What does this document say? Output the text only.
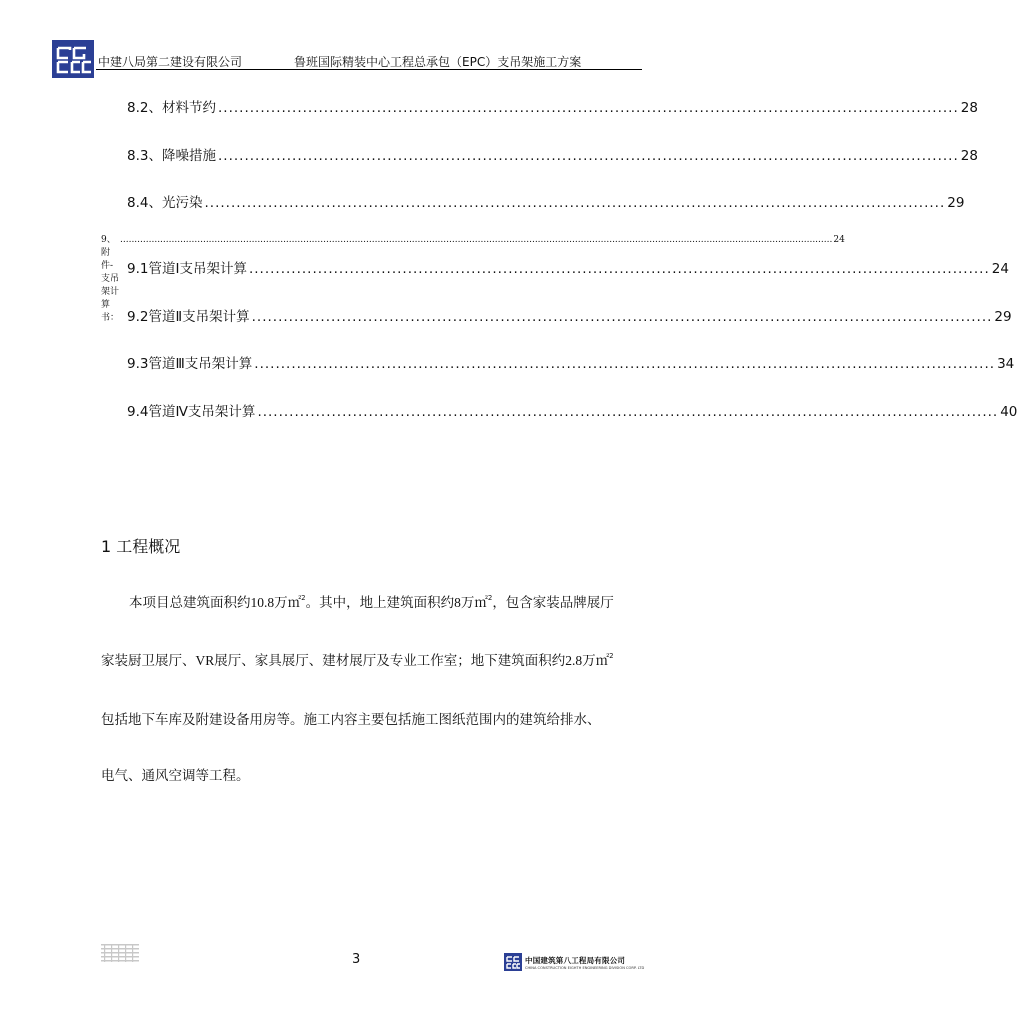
中建八局第二建设有限公司	鲁班国际精装中心工程总承包（EPC）支吊架施工方案
8.2、材料节约 ............................................................................................................................................ 28
8.3、降噪措施 ............................................................................................................................................ 28
8.4、光污染 ............................................................................................................................................ 29
9、附件-支吊架计算书：
......................................................................................................................................................................................................................................................... 24
9.1管道Ⅰ支吊架计算 ............................................................................................................................................ 24
9.2管道Ⅱ支吊架计算 ............................................................................................................................................ 29
9.3管道Ⅲ支吊架计算 ............................................................................................................................................ 34
9.4管道Ⅳ支吊架计算 ............................................................................................................................................ 40
1 工程概况
本项目总建筑面积约10.8万㎡$^2$。其中，地上建筑面积约8万㎡$^2$，包含家装品牌展厅
家装厨卫展厅、VR展厅、家具展厅、建材展厅及专业工作室；地下建筑面积约2.8万㎡$^2$
包括地下车库及附建设备用房等。施工内容主要包括施工图纸范围内的建筑给排水、
电气、通风空调等工程。
3	中国建筑第八工程局有限公司
CHINA CONSTRUCTION EIGHTH ENGINEERING DIVISION CORP. LTD
